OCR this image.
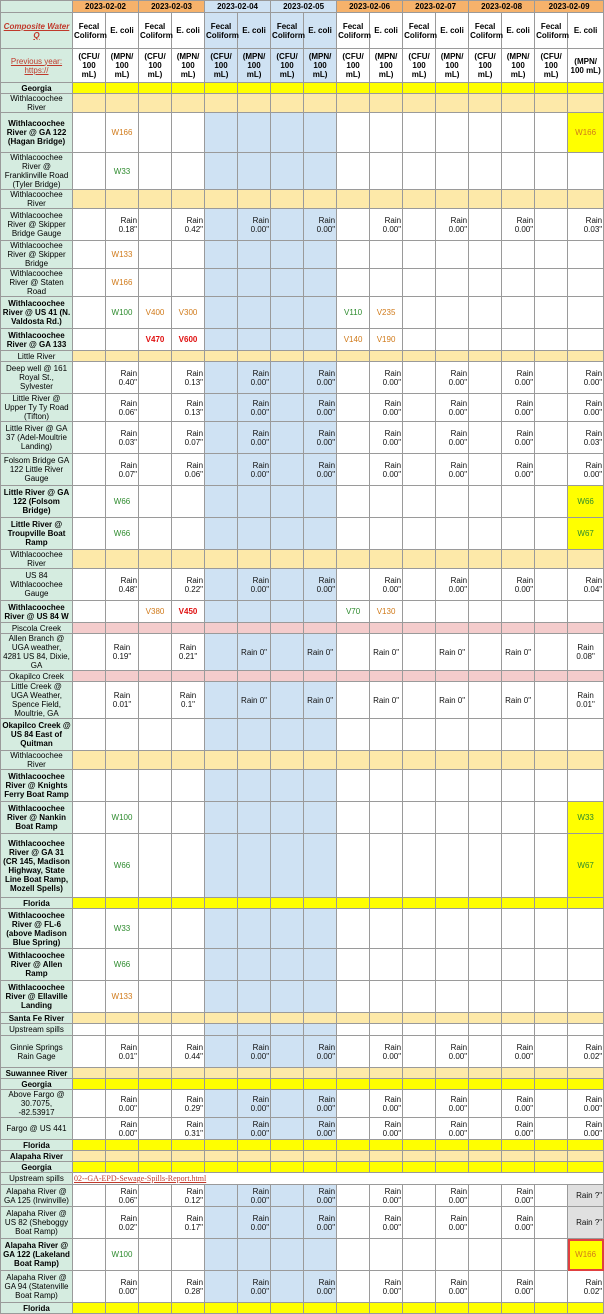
	2023-02-02		2023-02-03		2023-02-04		2023-02-05		2023-02-06		2023-02-07		2023-02-08		2023-02-09	
Composite Water Q	Fecal Coliform	E. coli	Fecal Coliform	E. coli	Fecal Coliform	E. coli	Fecal Coliform	E. coli	Fecal Coliform	E. coli	Fecal Coliform	E. coli	Fecal Coliform	E. coli	Fecal Coliform	E. coli
Previous year: https://	(CFU/ 100 mL)	(MPN/ 100 mL)	(CFU/ 100 mL)	(MPN/ 100 mL)	(CFU/ 100 mL)	(MPN/ 100 mL)	(CFU/ 100 mL)	(MPN/ 100 mL)	(CFU/ 100 mL)	(MPN/ 100 mL)	(CFU/ 100 mL)	(MPN/ 100 mL)	(CFU/ 100 mL)	(MPN/ 100 mL)	(CFU/ 100 mL)	(MPN/ 100 mL)
Georgia																
Withlacoochee River																
Withlacoochee River @ GA 122 (Hagan Bridge)		W166														W166
Withlacoochee River @ Franklinville Road (Tyler Bridge)		W33														
Withlacoochee River																
Withlacoochee River @ Skipper Bridge Gauge		Rain 0.18"		Rain 0.42"		Rain 0.00"		Rain 0.00"		Rain 0.00"		Rain 0.00"		Rain 0.00"		Rain 0.03"
Withlacoochee River @ Skipper Bridge		W133														
Withlacoochee River @ Staten Road		W166														
Withlacoochee River @ US 41 (N. Valdosta Rd.)		W100	V400	V300					V110	V235						
Withlacoochee River @ GA 133			V470	V600					V140	V190						
Little River																
Deep well @ 161 Royal St., Sylvester		Rain 0.40"		Rain 0.13"		Rain 0.00"		Rain 0.00"		Rain 0.00"		Rain 0.00"		Rain 0.00"		Rain 0.00"
Little River @ Upper Ty Ty Road (Tifton)		Rain 0.06"		Rain 0.13"		Rain 0.00"		Rain 0.00"		Rain 0.00"		Rain 0.00"		Rain 0.00"		Rain 0.00"
Little River @ GA 37 (Adel-Moultrie Landing)		Rain 0.03"		Rain 0.07"		Rain 0.00"		Rain 0.00"		Rain 0.00"		Rain 0.00"		Rain 0.00"		Rain 0.03"
Folsom Bridge GA 122 Little River Gauge		Rain 0.07"		Rain 0.06"		Rain 0.00"		Rain 0.00"		Rain 0.00"		Rain 0.00"		Rain 0.00"		Rain 0.00"
Little River @ GA 122 (Folsom Bridge)		W66														W66
Little River @ Troupville Boat Ramp		W66														W67
Withlacoochee River																
US 84 Withlacoochee Gauge		Rain 0.48"		Rain 0.22"		Rain 0.00"		Rain 0.00"		Rain 0.00"		Rain 0.00"		Rain 0.00"		Rain 0.04"
Withlacoochee River @ US 84 W			V380	V450					V70	V130						
Piscola Creek																
Allen Branch @ UGA weather, 4281 US 84, Dixie, GA		Rain 0.19"		Rain 0.21"		Rain 0"		Rain 0"		Rain 0"		Rain 0"		Rain 0"		Rain 0.08"
Okapilco Creek																
Little Creek @ UGA Weather, Spence Field, Moultrie, GA		Rain 0.01"		Rain 0.1"		Rain 0"		Rain 0"		Rain 0"		Rain 0"		Rain 0"		Rain 0.01"
Okapilco Creek @ US 84 East of Quitman																
Withlacoochee River																
Withlacoochee River @ Knights Ferry Boat Ramp																
Withlacoochee River @ Nankin Boat Ramp		W100														W33
Withlacoochee River @ GA 31 (CR 145, Madison Highway, State Line Boat Ramp, Mozell Spells)		W66														W67
Florida																
Withlacoochee River @ FL-6 (above Madison Blue Spring)		W33														
Withlacoochee River @ Allen Ramp		W66														
Withlacoochee River @ Ellaville Landing		W133														
Santa Fe River																
Upstream spills																
Ginnie Springs Rain Gage		Rain 0.01"		Rain 0.44"		Rain 0.00"		Rain 0.00"		Rain 0.00"		Rain 0.00"		Rain 0.00"		Rain 0.02"
Suwannee River																
Georgia																
Above Fargo @ 30.7075, -82.53917		Rain 0.00"		Rain 0.29"		Rain 0.00"		Rain 0.00"		Rain 0.00"		Rain 0.00"		Rain 0.00"		Rain 0.00"
Fargo @ US 441		Rain 0.00"		Rain 0.31"		Rain 0.00"		Rain 0.00"		Rain 0.00"		Rain 0.00"		Rain 0.00"		Rain 0.00"
Florida																
Alapaha River																
Georgia																
Upstream spills	02--GA-EPD-Sewage-Spills-Report.html															
Alapaha River @ GA 125 (Irwinville)		Rain 0.06"		Rain 0.12"		Rain 0.00"		Rain 0.00"		Rain 0.00"		Rain 0.00"		Rain 0.00"		Rain ?"
Alapaha River @ US 82 (Sheboggy Boat Ramp)		Rain 0.02"		Rain 0.17"		Rain 0.00"		Rain 0.00"		Rain 0.00"		Rain 0.00"		Rain 0.00"		Rain ?"
Alapaha River @ GA 122 (Lakeland Boat Ramp)		W100														W166
Alapaha River @ GA 94 (Statenville Boat Ramp)		Rain 0.00"		Rain 0.28"		Rain 0.00"		Rain 0.00"		Rain 0.00"		Rain 0.00"		Rain 0.00"		Rain 0.02"
Florida																
